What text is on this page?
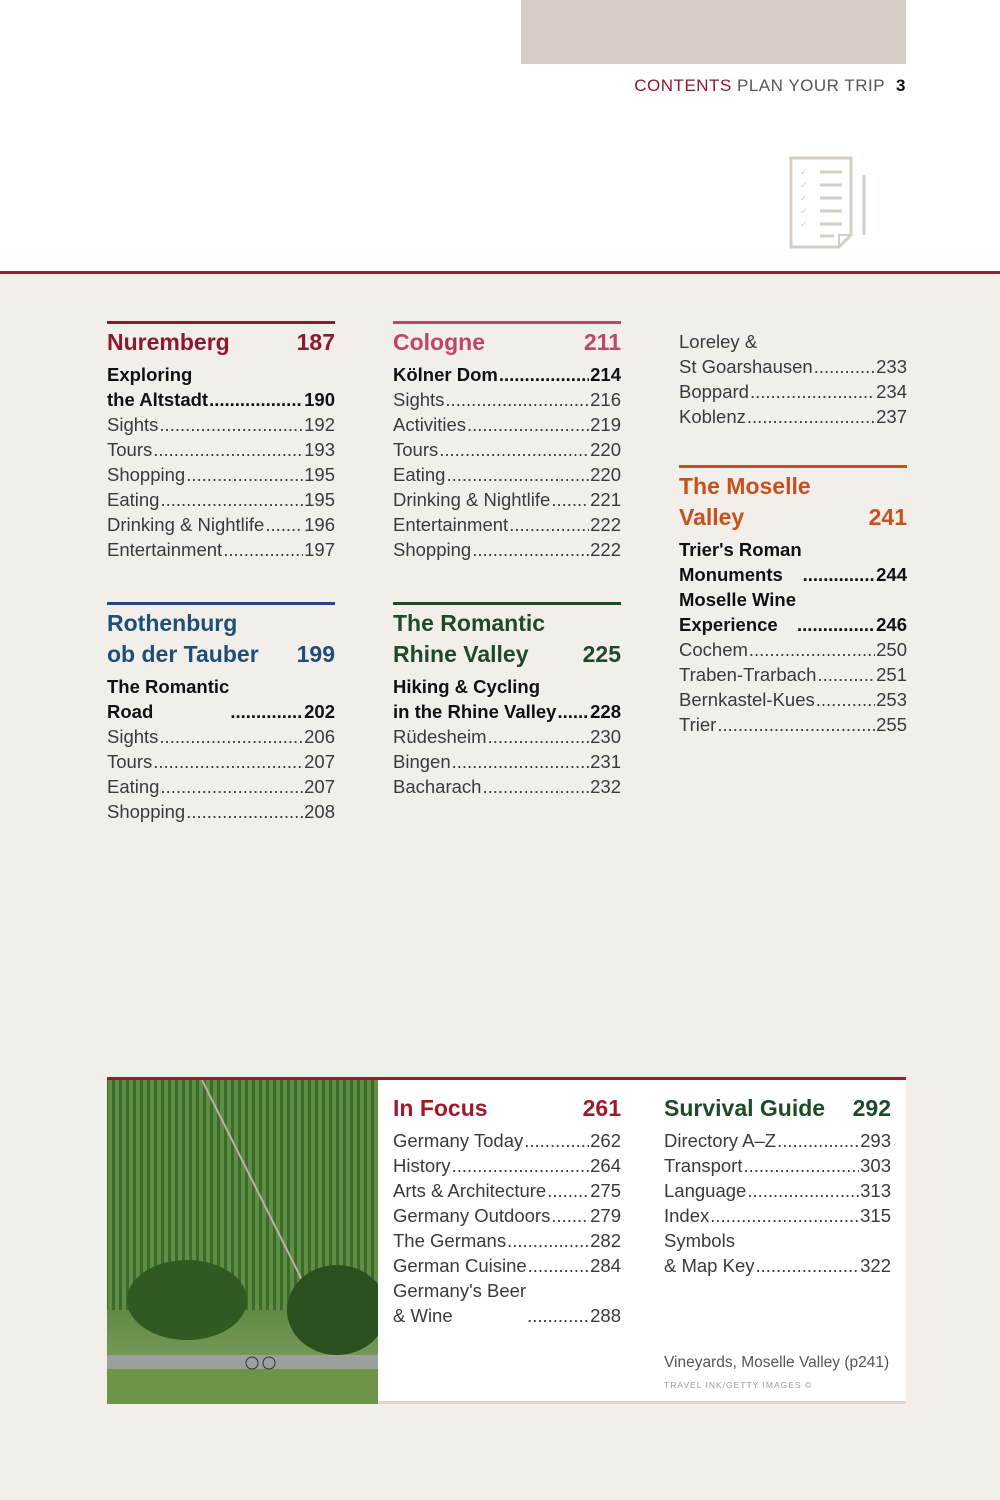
CONTENTS PLAN YOUR TRIP 3
✓
✓
✓
✓
✓
Nuremberg	187
Exploring
the Altstadt .....	190
Sights .....	192
Tours .....	193
Shopping .....	195
Eating .....	195
Drinking & Nightlife ..... 196
Entertainment .....	197
Rothenburg
ob der Tauber 199
The Romantic
Road .....	202
Sights .....	206
Tours .....	207
Eating .....	207
Shopping .....	208
Cologne	211
Kölner Dom .....	214
Sights .....	216
Activities .....	219
Tours .....	220
Eating .....	220
Drinking & Nightlife ..... 221
Entertainment .....	222
Shopping .....	222
The Romantic
Rhine Valley	225
Hiking & Cycling
in the Rhine Valley ..... 228
Rüdesheim .....	230
Bingen .....	231
Bacharach .....	232
Loreley &
St Goarshausen .....	233
Boppard .....	234
Koblenz .....	237
The Moselle
Valley	241
Trier's Roman
Monuments .....	244
Moselle Wine
Experience .....	246
Cochem .....	250
Traben-Trarbach .....	251
Bernkastel-Kues .....	253
Trier .....	255
In Focus	261
Germany Today .....	262
History .....	264
Arts & Architecture ..... 275
Germany Outdoors ..... 279
The Germans .....	282
German Cuisine .....	284
Germany's Beer
& Wine .....	288
Survival Guide 292
Directory A–Z .....	293
Transport .....	303
Language .....	313
Index .....	315
Symbols
& Map Key .....	322
Vineyards, Moselle Valley (p241)
TRAVEL INK/GETTY IMAGES ©
